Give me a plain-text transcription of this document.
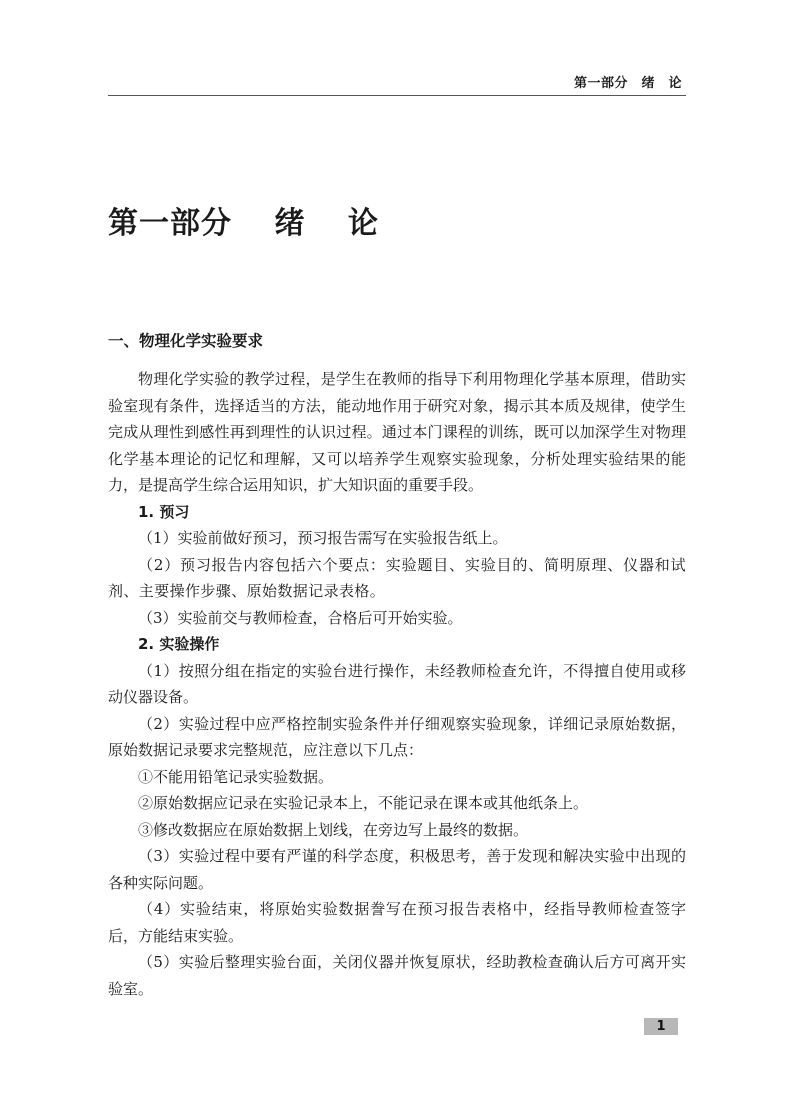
第一部分　绪　论
第一部分　 绪　 论

一、物理化学实验要求

物理化学实验的教学过程，是学生在教师的指导下利用物理化学基本原理，借助实验室现有条件，选择适当的方法，能动地作用于研究对象，揭示其本质及规律，使学生完成从理性到感性再到理性的认识过程。通过本门课程的训练，既可以加深学生对物理化学基本理论的记忆和理解，又可以培养学生观察实验现象，分析处理实验结果的能力，是提高学生综合运用知识，扩大知识面的重要手段。

1. 预习

（1）实验前做好预习，预习报告需写在实验报告纸上。

（2）预习报告内容包括六个要点：实验题目、实验目的、简明原理、仪器和试剂、主要操作步骤、原始数据记录表格。

（3）实验前交与教师检查，合格后可开始实验。

2. 实验操作

（1）按照分组在指定的实验台进行操作，未经教师检查允许，不得擅自使用或移动仪器设备。

（2）实验过程中应严格控制实验条件并仔细观察实验现象，详细记录原始数据，原始数据记录要求完整规范，应注意以下几点：

①不能用铅笔记录实验数据。

②原始数据应记录在实验记录本上，不能记录在课本或其他纸条上。

③修改数据应在原始数据上划线，在旁边写上最终的数据。

（3）实验过程中要有严谨的科学态度，积极思考，善于发现和解决实验中出现的各种实际问题。

（4）实验结束，将原始实验数据誊写在预习报告表格中，经指导教师检查签字后，方能结束实验。

（5）实验后整理实验台面，关闭仪器并恢复原状，经助教检查确认后方可离开实验室。

1
